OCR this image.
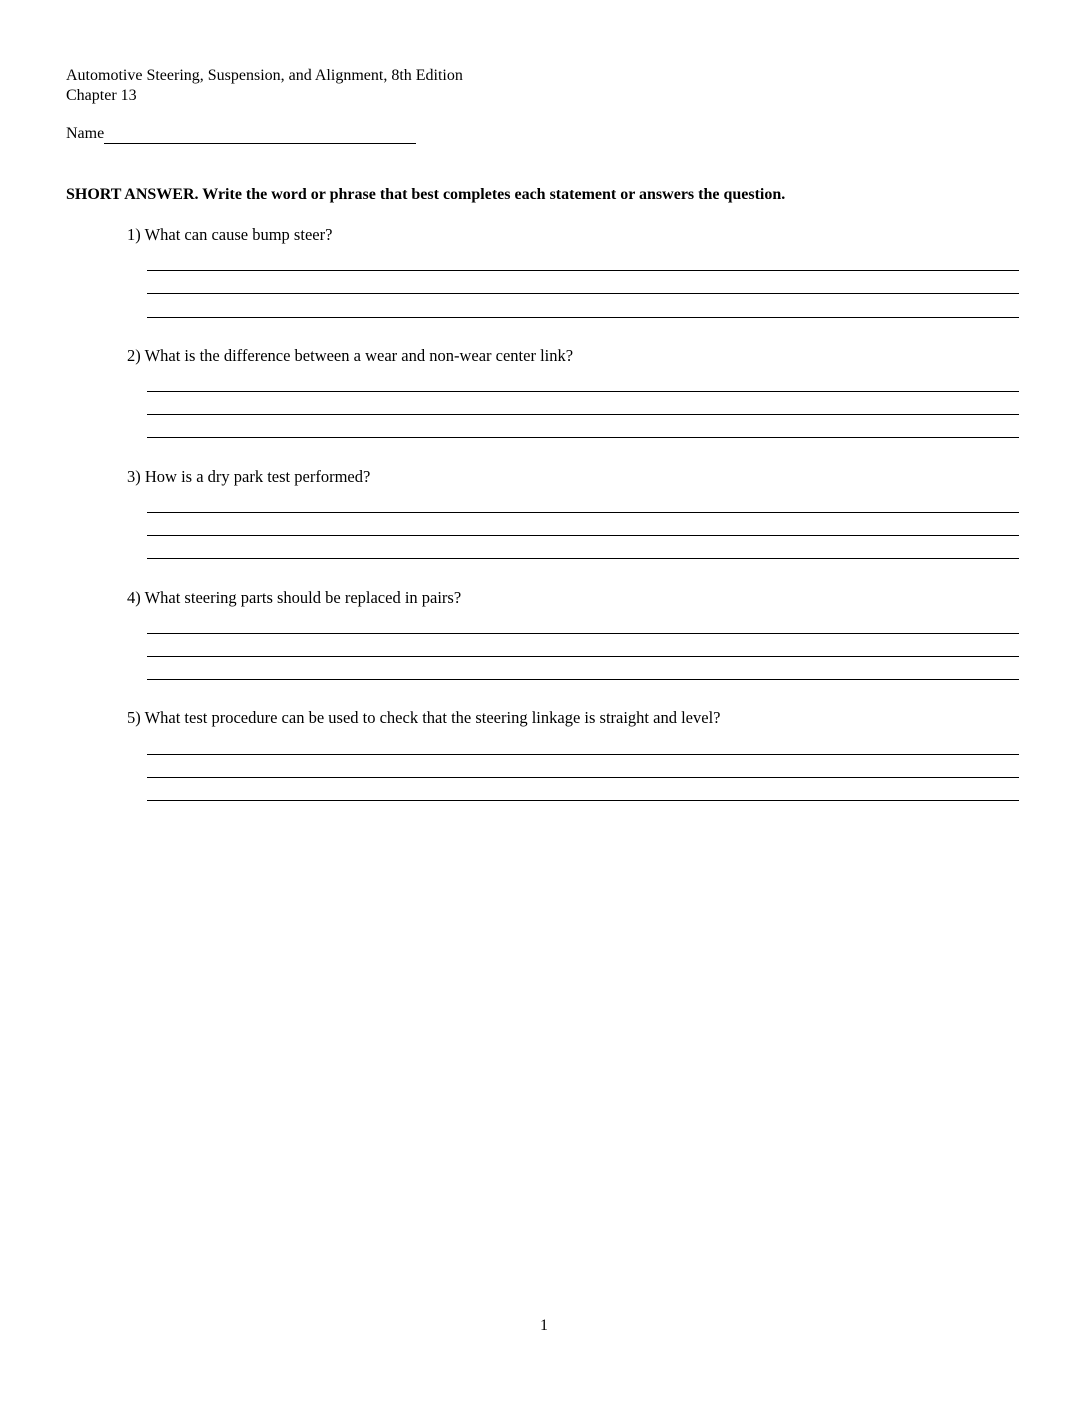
Automotive Steering, Suspension, and Alignment, 8th Edition
Chapter 13
Name
SHORT ANSWER. Write the word or phrase that best completes each statement or answers the question.
1) What can cause bump steer?
2) What is the difference between a wear and non-wear center link?
3) How is a dry park test performed?
4) What steering parts should be replaced in pairs?
5) What test procedure can be used to check that the steering linkage is straight and level?
1
